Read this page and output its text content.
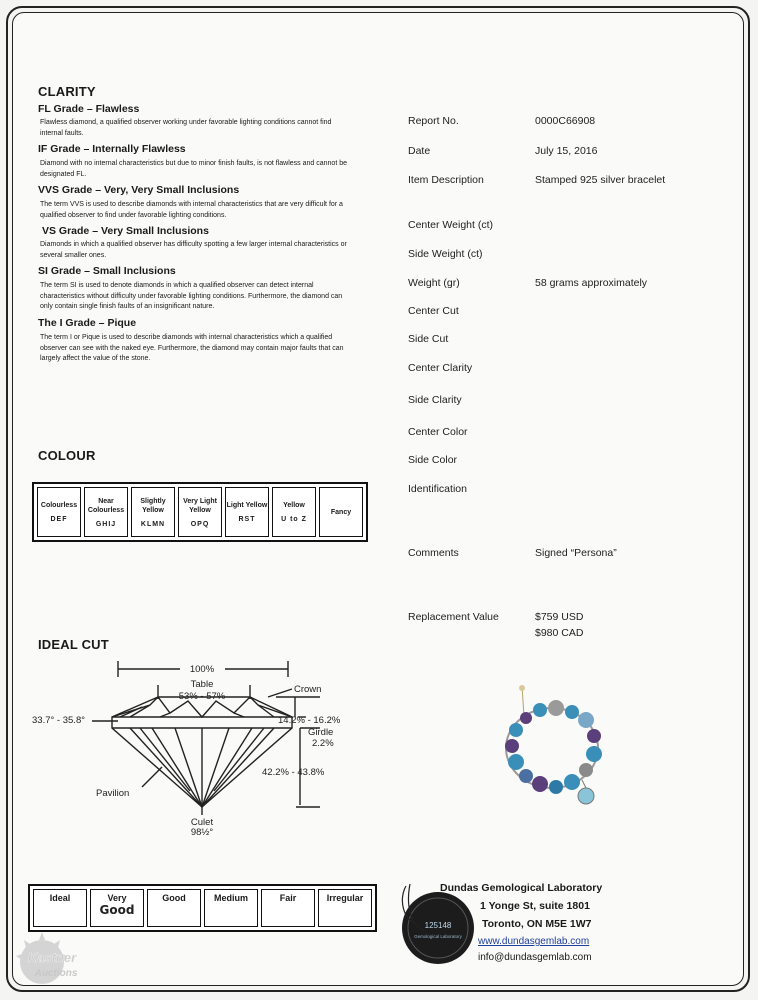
CLARITY

FL Grade – Flawless

Flawless diamond, a qualified observer working under favorable lighting conditions cannot find internal faults.

IF Grade – Internally Flawless

Diamond with no internal characteristics but due to minor finish faults, is not flawless and cannot be designated FL.

VVS Grade – Very, Very Small Inclusions

The term VVS is used to describe diamonds with internal characteristics that are very difficult for a qualified observer to find under favorable lighting conditions.

VS Grade – Very Small Inclusions

Diamonds in which a qualified observer has difficulty spotting a few larger internal characteristics or several smaller ones.

SI Grade – Small Inclusions

The term SI is used to denote diamonds in which a qualified observer can detect internal characteristics without difficulty under favorable lighting conditions. Furthermore, the diamond can only contain single finish faults of an insignificant nature.

The I Grade – Pique

The term I or Pique is used to describe diamonds with internal characteristics which a qualified observer can see with the naked eye. Furthermore, the diamond may contain major faults that can largely affect the value of the stone.

COLOUR
Colourless
DEF

Near Colourless
GHIJ

Slightly Yellow
KLMN

Very Light Yellow
OPQ

Light Yellow
RST

Yellow
U to Z

Fancy
IDEAL CUT
100%
Table
53% - 57%
Crown
33.7° - 35.8°	14.2% - 16.2%
Girdle
2.2%
42.2% - 43.8%
Pavilion
Culet
98½°
Ideal	Very
Good
	Good	Medium	Fair	Irregular
Report No.	0000C66908
Date	July 15, 2016
Item Description	Stamped 925 silver bracelet
Center Weight (ct)
Side Weight (ct)
Weight (gr)	58 grams approximately
Center Cut
Side Cut
Center Clarity
Side Clarity
Center Color
Side Color
Identification
Comments	Signed “Persona”
Replacement Value	$759 USD
$980 CAD
125148
Gemological Laboratory
Dundas Gemological Laboratory
1 Yonge St, suite 1801
Toronto, ON M5E 1W7
www.dundasgemlab.com
info@dundasgemlab.com
Kastner
Auctions
